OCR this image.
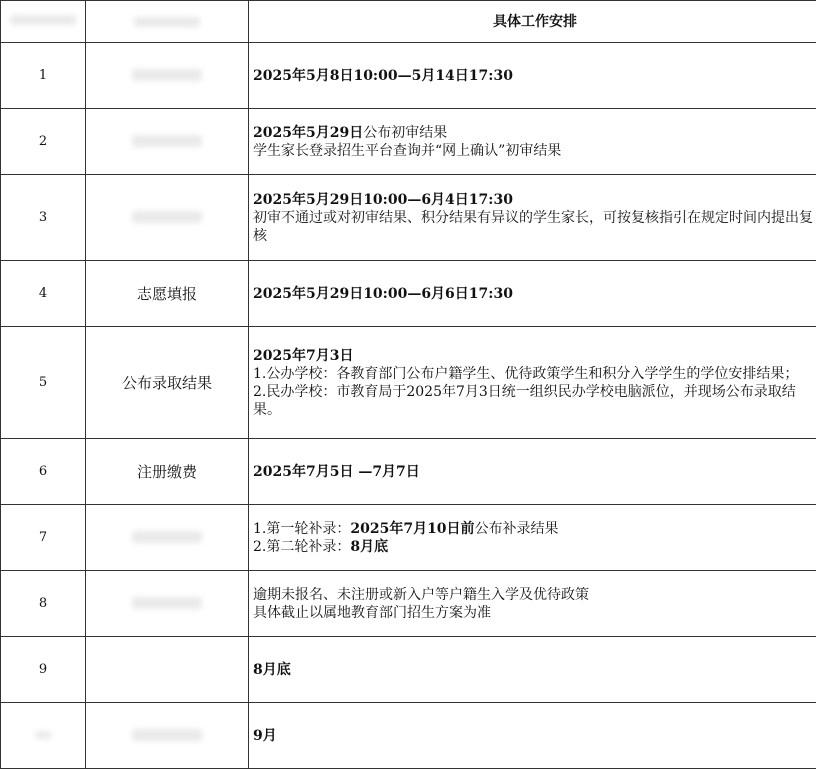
		具体工作安排
1		2025年5月8日10:00—5月14日17:30
2		2025年5月29日公布初审结果
学生家长登录招生平台查询并“网上确认”初审结果

3		2025年5月29日10:00—6月4日17:30
初审不通过或对初审结果、积分结果有异议的学生家长，可按复核指引在规定时间内提出复核

4	志愿填报	2025年5月29日10:00—6月6日17:30
5	公布录取结果	2025年7月3日
1.公办学校：各教育部门公布户籍学生、优待政策学生和积分入学学生的学位安排结果；
2.民办学校：市教育局于2025年7月3日统一组织民办学校电脑派位，并现场公布录取结果。

6	注册缴费	2025年7月5日 —7月7日
7		1.第一轮补录：2025年7月10日前公布补录结果
2.第二轮补录：8月底

8		逾期未报名、未注册或新入户等户籍生入学及优待政策
具体截止以属地教育部门招生方案为准

9		8月底
		9月
